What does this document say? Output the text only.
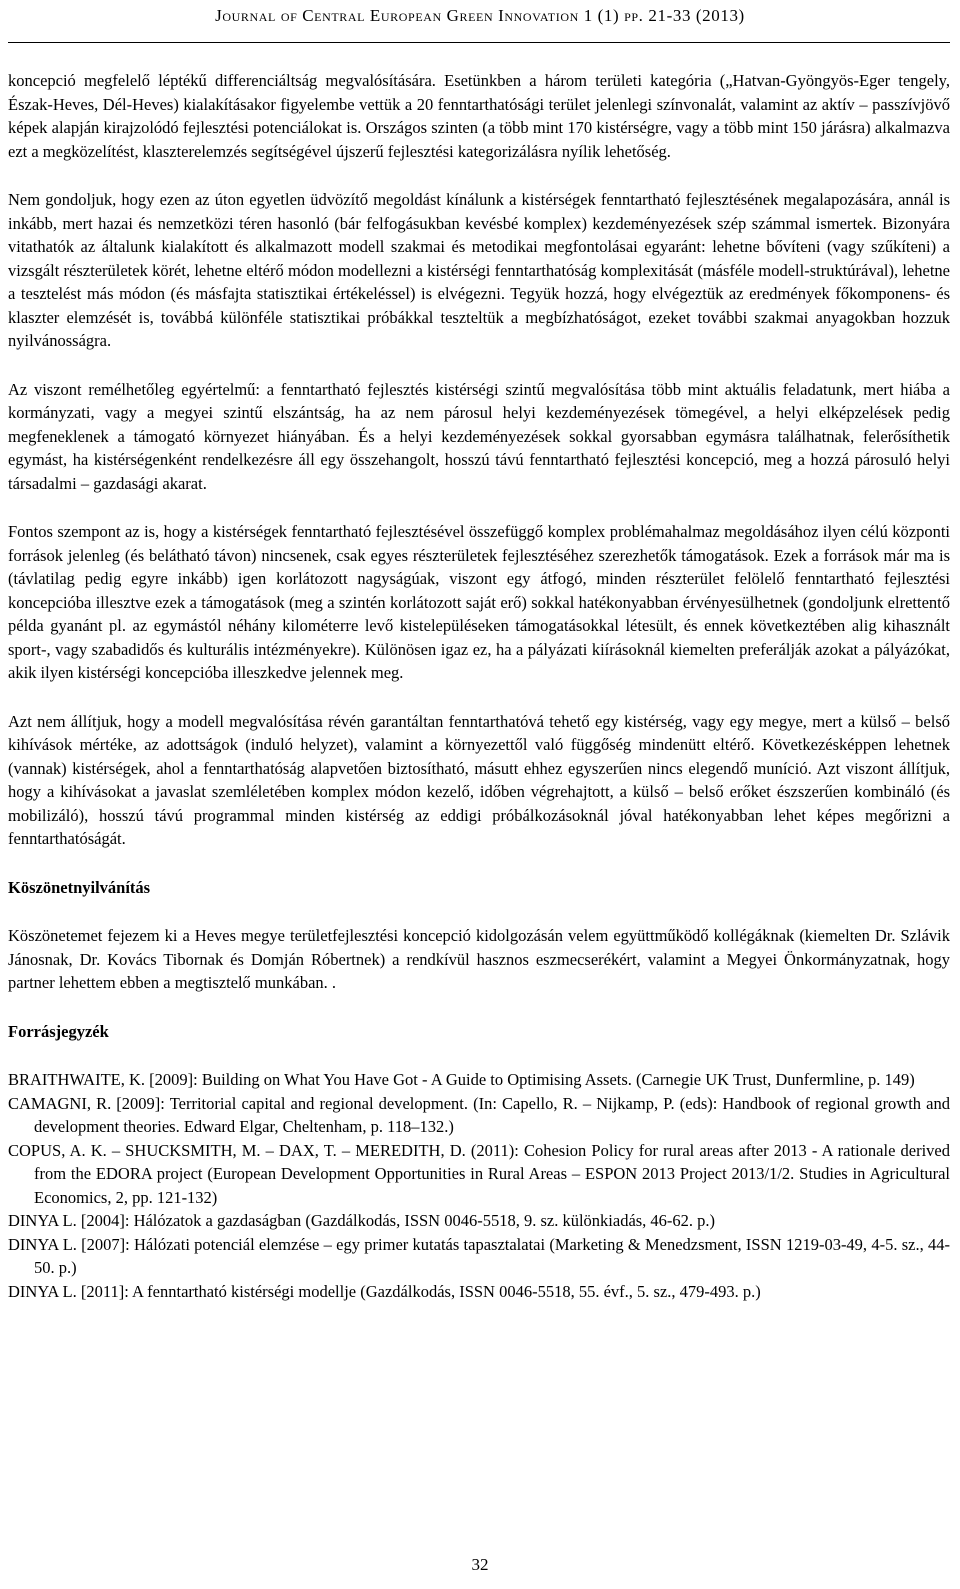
Journal of Central European Green Innovation 1 (1) pp. 21-33 (2013)

koncepció megfelelő léptékű differenciáltság megvalósítására. Esetünkben a három területi kategória („Hatvan-Gyöngyös-Eger tengely, Észak-Heves, Dél-Heves) kialakításakor figyelembe vettük a 20 fenntarthatósági terület jelenlegi színvonalát, valamint az aktív – passzívjövő képek alapján kirajzolódó fejlesztési potenciálokat is. Országos szinten (a több mint 170 kistérségre, vagy a több mint 150 járásra) alkalmazva ezt a megközelítést, klaszterelemzés segítségével újszerű fejlesztési kategorizálásra nyílik lehetőség.

Nem gondoljuk, hogy ezen az úton egyetlen üdvözítő megoldást kínálunk a kistérségek fenntartható fejlesztésének megalapozására, annál is inkább, mert hazai és nemzetközi téren hasonló (bár felfogásukban kevésbé komplex) kezdeményezések szép számmal ismertek. Bizonyára vitathatók az általunk kialakított és alkalmazott modell szakmai és metodikai megfontolásai egyaránt: lehetne bővíteni (vagy szűkíteni) a vizsgált részterületek körét, lehetne eltérő módon modellezni a kistérségi fenntarthatóság komplexitását (másféle modell-struktúrával), lehetne a tesztelést más módon (és másfajta statisztikai értékeléssel) is elvégezni. Tegyük hozzá, hogy elvégeztük az eredmények főkomponens- és klaszter elemzését is, továbbá különféle statisztikai próbákkal teszteltük a megbízhatóságot, ezeket további szakmai anyagokban hozzuk nyilvánosságra.

Az viszont remélhetőleg egyértelmű: a fenntartható fejlesztés kistérségi szintű megvalósítása több mint aktuális feladatunk, mert hiába a kormányzati, vagy a megyei szintű elszántság, ha az nem párosul helyi kezdeményezések tömegével, a helyi elképzelések pedig megfeneklenek a támogató környezet hiányában. És a helyi kezdeményezések sokkal gyorsabban egymásra találhatnak, felerősíthetik egymást, ha kistérségenként rendelkezésre áll egy összehangolt, hosszú távú fenntartható fejlesztési koncepció, meg a hozzá párosuló helyi társadalmi – gazdasági akarat.

Fontos szempont az is, hogy a kistérségek fenntartható fejlesztésével összefüggő komplex problémahalmaz megoldásához ilyen célú központi források jelenleg (és belátható távon) nincsenek, csak egyes részterületek fejlesztéséhez szerezhetők támogatások. Ezek a források már ma is (távlatilag pedig egyre inkább) igen korlátozott nagyságúak, viszont egy átfogó, minden részterület felölelő fenntartható fejlesztési koncepcióba illesztve ezek a támogatások (meg a szintén korlátozott saját erő) sokkal hatékonyabban érvényesülhetnek (gondoljunk elrettentő példa gyanánt pl. az egymástól néhány kilométerre levő kistelepüléseken támogatásokkal létesült, és ennek következtében alig kihasznált sport-, vagy szabadidős és kulturális intézményekre). Különösen igaz ez, ha a pályázati kiírásoknál kiemelten preferálják azokat a pályázókat, akik ilyen kistérségi koncepcióba illeszkedve jelennek meg.

Azt nem állítjuk, hogy a modell megvalósítása révén garantáltan fenntarthatóvá tehető egy kistérség, vagy egy megye, mert a külső – belső kihívások mértéke, az adottságok (induló helyzet), valamint a környezettől való függőség mindenütt eltérő. Következésképpen lehetnek (vannak) kistérségek, ahol a fenntarthatóság alapvetően biztosítható, másutt ehhez egyszerűen nincs elegendő muníció. Azt viszont állítjuk, hogy a kihívásokat a javaslat szemléletében komplex módon kezelő, időben végrehajtott, a külső – belső erőket észszerűen kombináló (és mobilizáló), hosszú távú programmal minden kistérség az eddigi próbálkozásoknál jóval hatékonyabban lehet képes megőrizni a fenntarthatóságát.

Köszönetnyilvánítás

Köszönetemet fejezem ki a Heves megye területfejlesztési koncepció kidolgozásán velem együttműködő kollégáknak (kiemelten Dr. Szlávik Jánosnak, Dr. Kovács Tibornak és Domján Róbertnek) a rendkívül hasznos eszmecserékért, valamint a Megyei Önkormányzatnak, hogy partner lehettem ebben a megtisztelő munkában. .

Forrásjegyzék

BRAITHWAITE, K. [2009]: Building on What You Have Got - A Guide to Optimising Assets. (Carnegie UK Trust, Dunfermline, p. 149)

CAMAGNI, R. [2009]: Territorial capital and regional development. (In: Capello, R. – Nijkamp, P. (eds): Handbook of regional growth and development theories. Edward Elgar, Cheltenham, p. 118–132.)

COPUS, A. K. – SHUCKSMITH, M. – DAX, T. – MEREDITH, D. (2011): Cohesion Policy for rural areas after 2013 - A rationale derived from the EDORA project (European Development Opportunities in Rural Areas – ESPON 2013 Project 2013/1/2. Studies in Agricultural Economics, 2, pp. 121-132)

DINYA L. [2004]: Hálózatok a gazdaságban (Gazdálkodás, ISSN 0046-5518, 9. sz. különkiadás, 46-62. p.)

DINYA L. [2007]: Hálózati potenciál elemzése – egy primer kutatás tapasztalatai (Marketing & Menedzsment, ISSN 1219-03-49, 4-5. sz., 44-50. p.)

DINYA L. [2011]: A fenntartható kistérségi modellje (Gazdálkodás, ISSN 0046-5518, 55. évf., 5. sz., 479-493. p.)

32
